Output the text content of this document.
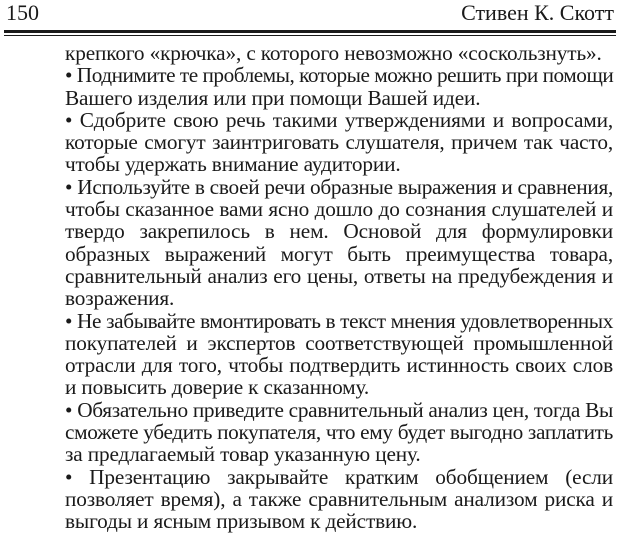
150	Стивен К. Скотт
крепкого «крючка», с которого невозможно «соскользнуть».
• Поднимите те проблемы, которые можно решить при помощи
Вашего изделия или при помощи Вашей идеи.
• Сдобрите свою речь такими утверждениями и вопросами,
которые смогут заинтриговать слушателя, причем так часто,
чтобы удержать внимание аудитории.
• Используйте в своей речи образные выражения и сравнения,
чтобы сказанное вами ясно дошло до сознания слушателей и
твердо закрепилось в нем. Основой для формулировки
образных выражений могут быть преимущества товара,
сравнительный анализ его цены, ответы на предубеждения и
возражения.
• Не забывайте вмонтировать в текст мнения удовлетворенных
покупателей и экспертов соответствующей промышленной
отрасли для того, чтобы подтвердить истинность своих слов
и повысить доверие к сказанному.
• Обязательно приведите сравнительный анализ цен, тогда Вы
сможете убедить покупателя, что ему будет выгодно заплатить
за предлагаемый товар указанную цену.
• Презентацию закрывайте кратким обобщением (если
позволяет время), а также сравнительным анализом риска и
выгоды и ясным призывом к действию.
